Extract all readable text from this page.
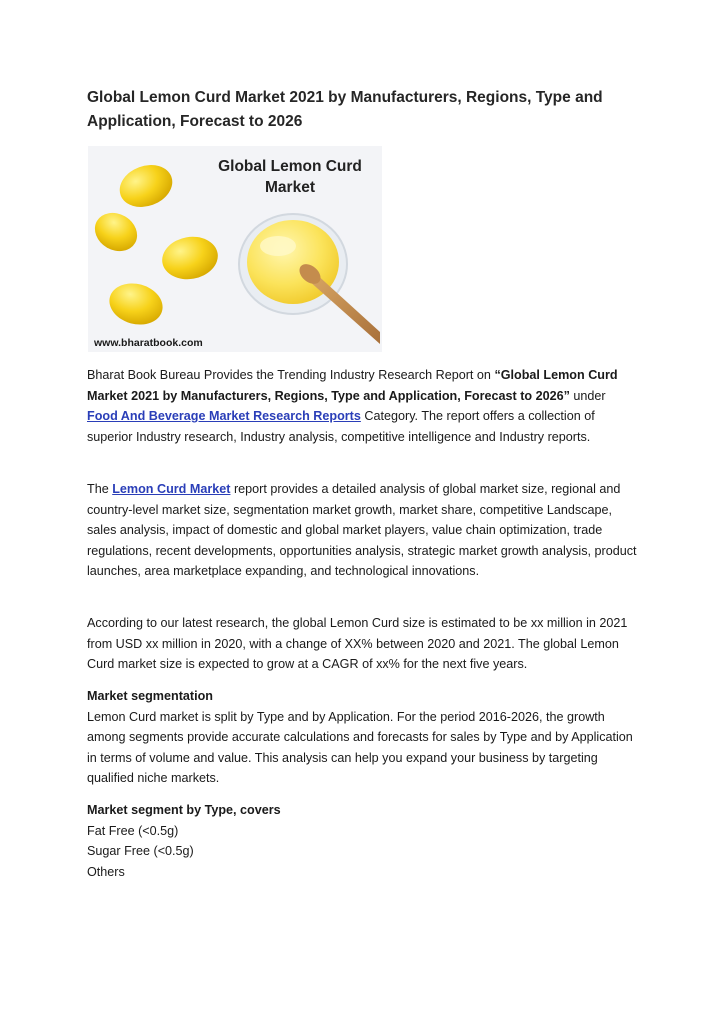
Global Lemon Curd Market 2021 by Manufacturers, Regions, Type and Application, Forecast to 2026
Global Lemon Curd
Market
www.bharatbook.com

Bharat Book Bureau Provides the Trending Industry Research Report on “Global Lemon Curd Market 2021 by Manufacturers, Regions, Type and Application, Forecast to 2026” under Food And Beverage Market Research Reports Category. The report offers a collection of superior Industry research, Industry analysis, competitive intelligence and Industry reports.

The Lemon Curd Market report provides a detailed analysis of global market size, regional and country-level market size, segmentation market growth, market share, competitive Landscape, sales analysis, impact of domestic and global market players, value chain optimization, trade regulations, recent developments, opportunities analysis, strategic market growth analysis, product launches, area marketplace expanding, and technological innovations.

According to our latest research, the global Lemon Curd size is estimated to be xx million in 2021 from USD xx million in 2020, with a change of XX% between 2020 and 2021. The global Lemon Curd market size is expected to grow at a CAGR of xx% for the next five years.

Market segmentation

Lemon Curd market is split by Type and by Application. For the period 2016-2026, the growth among segments provide accurate calculations and forecasts for sales by Type and by Application in terms of volume and value. This analysis can help you expand your business by targeting qualified niche markets.

Market segment by Type, covers

Fat Free (<0.5g)

Sugar Free (<0.5g)

Others
